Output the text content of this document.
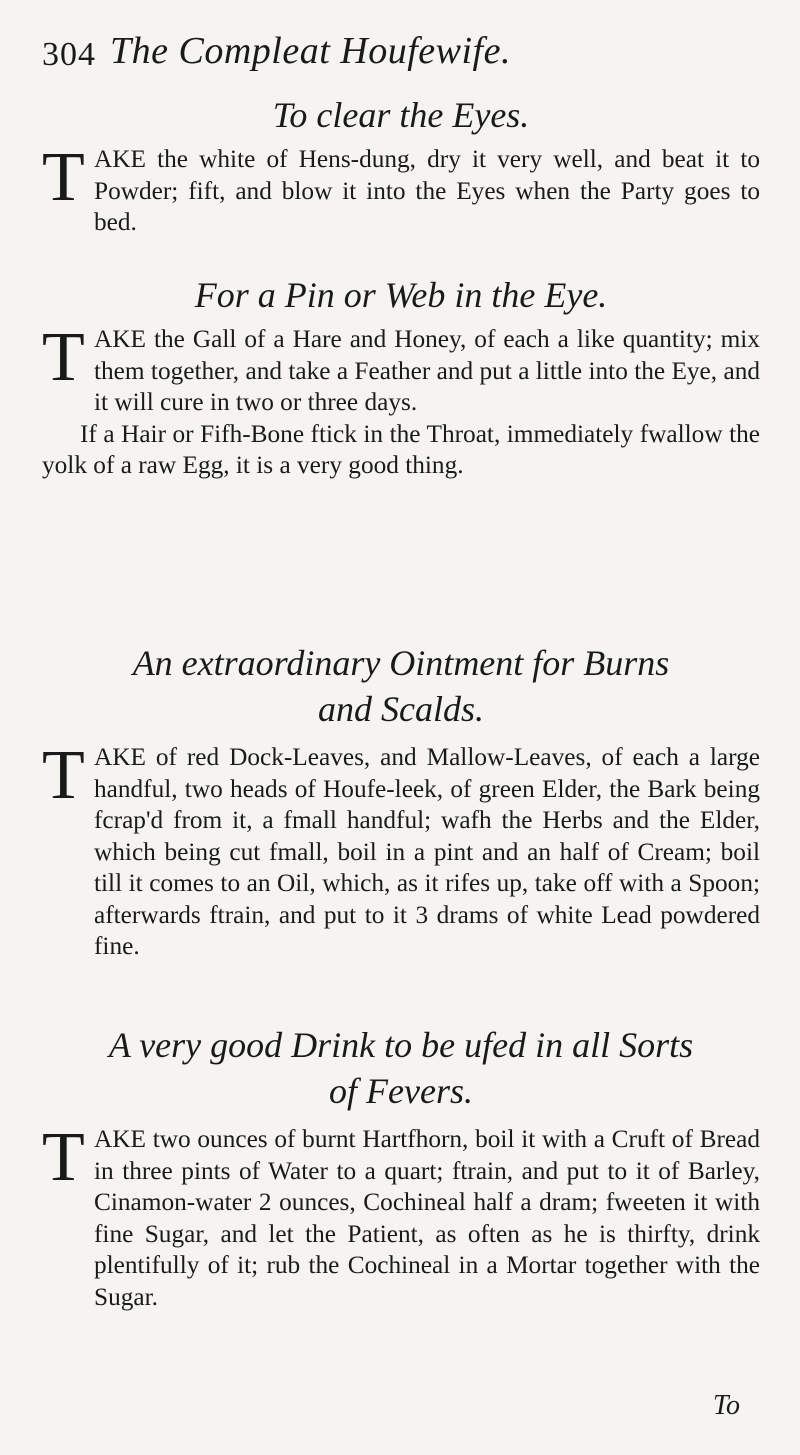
304 The Compleat Houfewife.
To clear the Eyes.

T AKE the white of Hens-dung, dry it very well, and beat it to Powder; fift, and blow it into the Eyes when the Party goes to bed.

For a Pin or Web in the Eye.

T AKE the Gall of a Hare and Honey, of each a like quantity; mix them together, and take a Feather and put a little into the Eye, and it will cure in two or three days.

If a Hair or Fifh-Bone ftick in the Throat, immediately fwallow the yolk of a raw Egg, it is a very good thing.

An extraordinary Ointment for Burns
and Scalds.

T AKE of red Dock-Leaves, and Mallow-Leaves, of each a large handful, two heads of Houfe-leek, of green Elder, the Bark being fcrap'd from it, a fmall handful; wafh the Herbs and the Elder, which being cut fmall, boil in a pint and an half of Cream; boil till it comes to an Oil, which, as it rifes up, take off with a Spoon; afterwards ftrain, and put to it 3 drams of white Lead powdered fine.

A very good Drink to be ufed in all Sorts
of Fevers.

T AKE two ounces of burnt Hartfhorn, boil it with a Cruft of Bread in three pints of Water to a quart; ftrain, and put to it of Barley, Cinamon-water 2 ounces, Cochineal half a dram; fweeten it with fine Sugar, and let the Patient, as often as he is thirfty, drink plentifully of it; rub the Cochineal in a Mortar together with the Sugar.

To
